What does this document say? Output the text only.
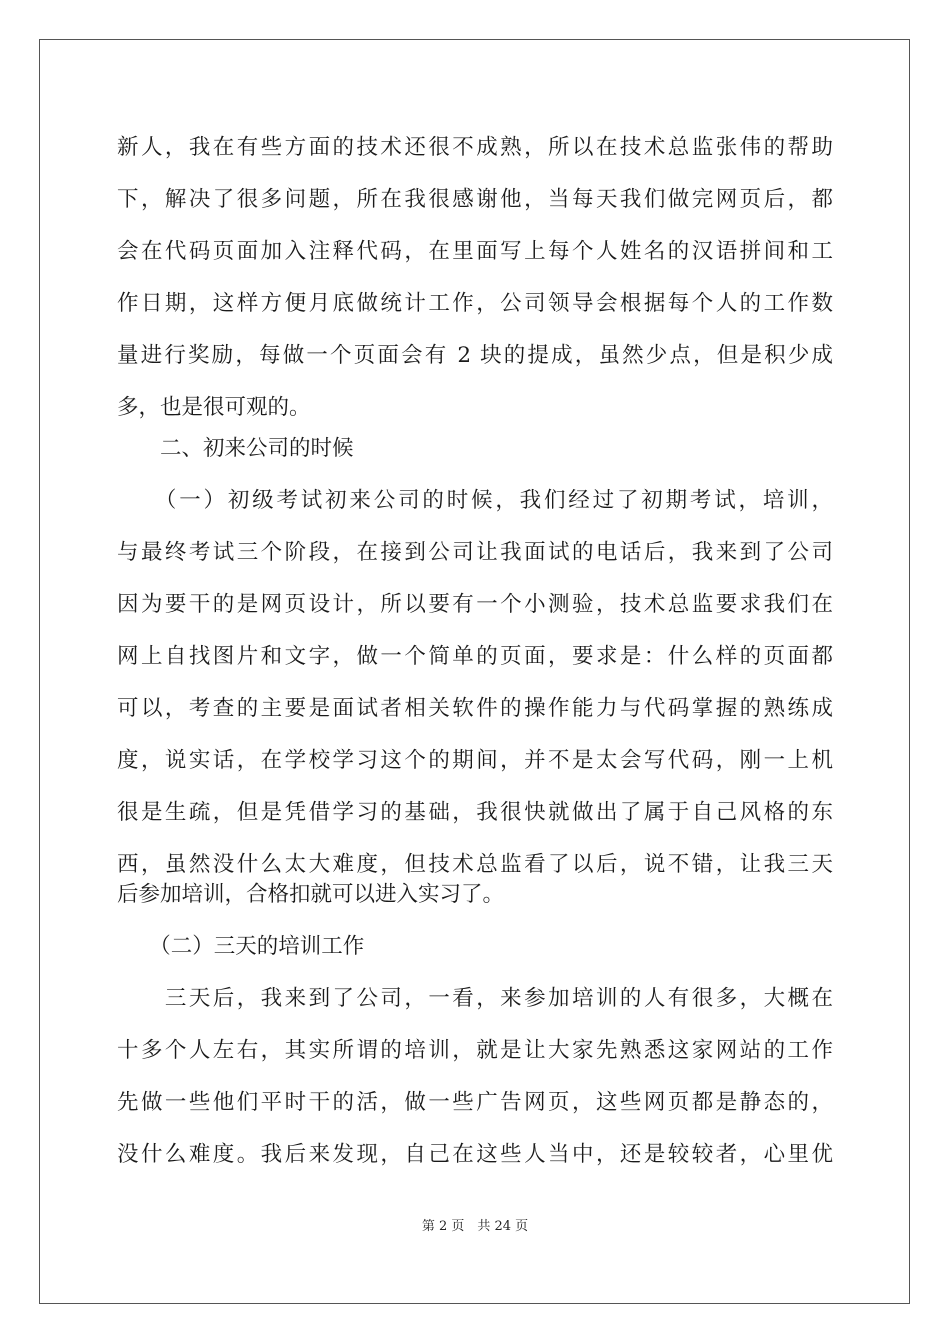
新人，我在有些方面的技术还很不成熟，所以在技术总监张伟的帮助
下，解决了很多问题，所在我很感谢他，当每天我们做完网页后，都
会在代码页面加入注释代码，在里面写上每个人姓名的汉语拼间和工
作日期，这样方便月底做统计工作，公司领导会根据每个人的工作数
量进行奖励，每做一个页面会有 2 块的提成，虽然少点，但是积少成
多，也是很可观的。
　　二、初来公司的时候
　　（一）初级考试初来公司的时候，我们经过了初期考试，培训，
与最终考试三个阶段，在接到公司让我面试的电话后，我来到了公司
因为要干的是网页设计，所以要有一个小测验，技术总监要求我们在
网上自找图片和文字，做一个简单的页面，要求是：什么样的页面都
可以，考查的主要是面试者相关软件的操作能力与代码掌握的熟练成
度，说实话，在学校学习这个的期间，并不是太会写代码，刚一上机
很是生疏，但是凭借学习的基础，我很快就做出了属于自己风格的东
西，虽然没什么太大难度，但技术总监看了以后，说不错，让我三天
后参加培训，合格扣就可以进入实习了。
　　（二）三天的培训工作
　　三天后，我来到了公司，一看，来参加培训的人有很多，大概在
十多个人左右，其实所谓的培训，就是让大家先熟悉这家网站的工作
先做一些他们平时干的活，做一些广告网页，这些网页都是静态的，
没什么难度。我后来发现，自己在这些人当中，还是较较者，心里优
第 2 页　共 24 页
